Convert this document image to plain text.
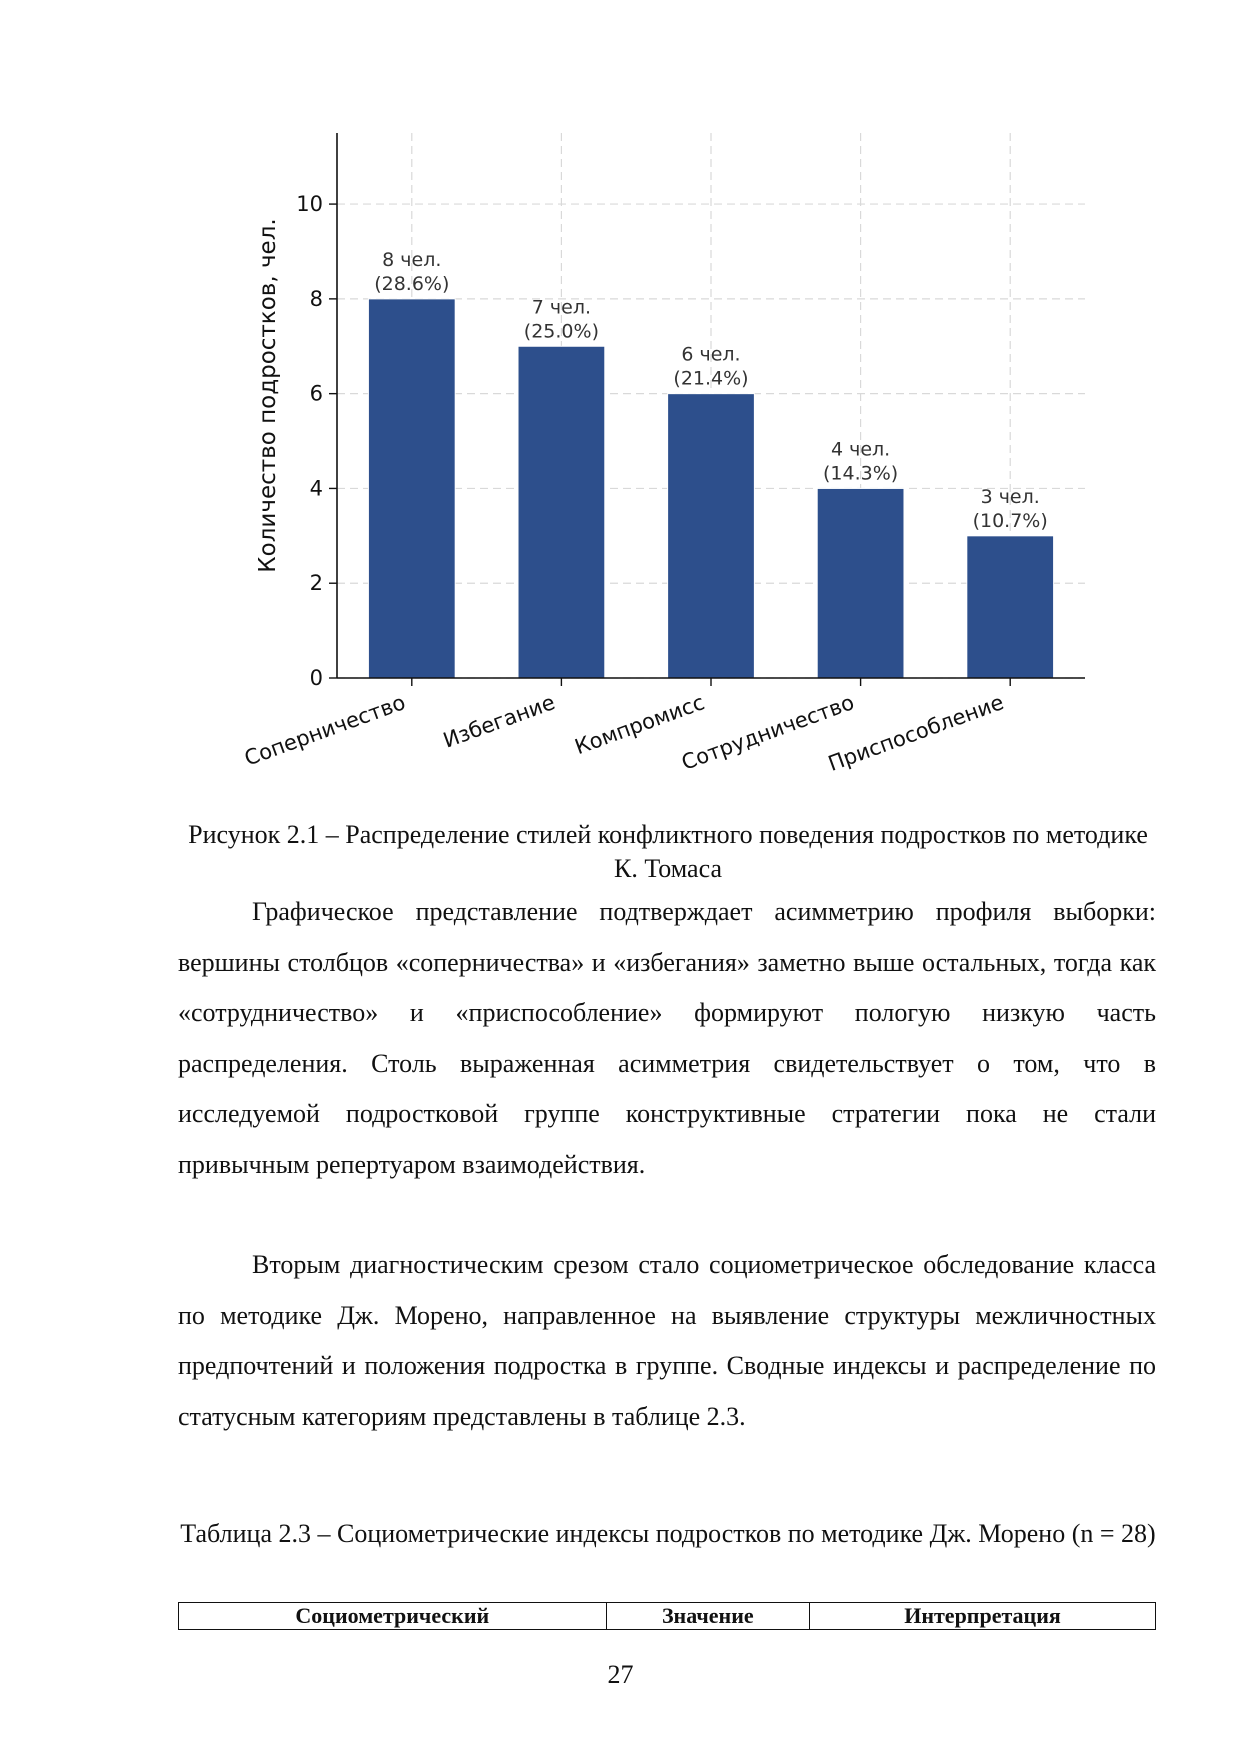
0
2
4
6
8
10
Соперничество Избегание Компромисс
Сотрудничество
Приспособление
8 чел.
(28.6%)
7 чел.
(25.0%)
6 чел.
(21.4%)
4 чел.
(14.3%)
3 чел.
(10.7%)
Количество подростков, чел.
Рисунок 2.1 – Распределение стилей конфликтного поведения подростков по методике К. Томаса

Графическое представление подтверждает асимметрию профиля выборки: вершины столбцов «соперничества» и «избегания» заметно выше остальных, тогда как «сотрудничество» и «приспособление» формируют пологую низкую часть распределения. Столь выраженная асимметрия свидетельствует о том, что в исследуемой подростковой группе конструктивные стратегии пока не стали привычным репертуаром взаимодействия.

Вторым диагностическим срезом стало социометрическое обследование класса по методике Дж. Морено, направленное на выявление структуры межличностных предпочтений и положения подростка в группе. Сводные индексы и распределение по статусным категориям представлены в таблице 2.3.

Таблица 2.3 – Социометрические индексы подростков по методике Дж. Морено (n = 28)
Социометрический	Значение	Интерпретация
27
